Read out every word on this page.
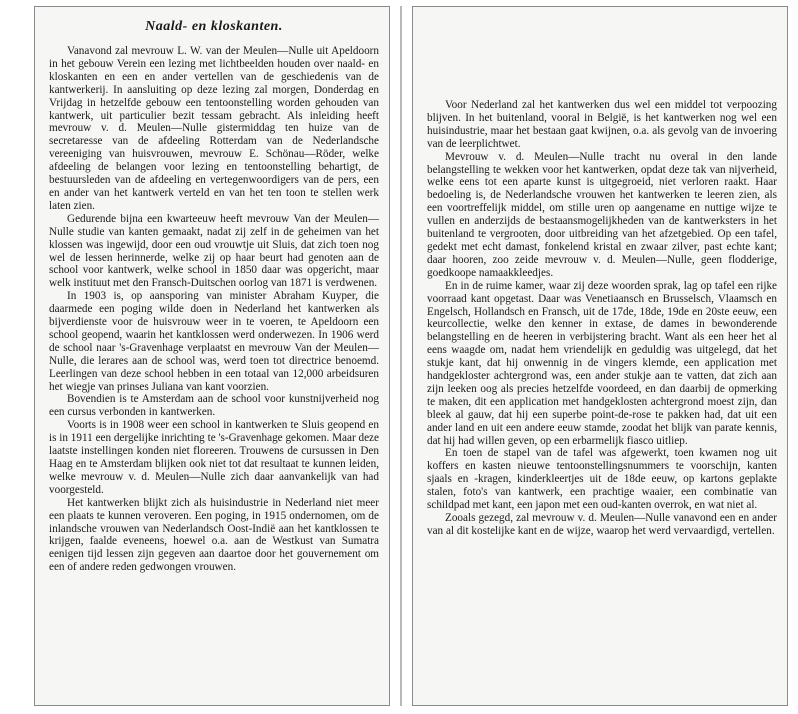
Naald- en kloskanten.

Vanavond zal mevrouw L. W. van der Meulen—Nulle uit Apeldoorn in het gebouw Verein een lezing met lichtbeelden houden over naald- en kloskanten en een en ander vertellen van de geschiedenis van de kantwerkerij. In aansluiting op deze lezing zal morgen, Donderdag en Vrijdag in hetzelfde gebouw een tentoonstelling worden gehouden van kantwerk, uit particulier bezit tessam gebracht. Als inleiding heeft mevrouw v. d. Meulen—Nulle gistermiddag ten huize van de secretaresse van de afdeeling Rotterdam van de Nederlandsche vereeniging van huisvrouwen, mevrouw E. Schönau—Röder, welke afdeeling de belangen voor lezing en tentoonstelling behartigt, de bestuursleden van de afdeeling en vertegenwoordigers van de pers, een en ander van het kantwerk verteld en van het ten toon te stellen werk laten zien.

Gedurende bijna een kwarteeuw heeft mevrouw Van der Meulen—Nulle studie van kanten gemaakt, nadat zij zelf in de geheimen van het klossen was ingewijd, door een oud vrouwtje uit Sluis, dat zich toen nog wel de lessen herinnerde, welke zij op haar beurt had genoten aan de school voor kantwerk, welke school in 1850 daar was opgericht, maar welk instituut met den Fransch-Duitschen oorlog van 1871 is verdwenen.

In 1903 is, op aansporing van minister Abraham Kuyper, die daarmede een poging wilde doen in Nederland het kantwerken als bijverdienste voor de huisvrouw weer in te voeren, te Apeldoorn een school geopend, waarin het kantklossen werd onderwezen. In 1906 werd de school naar 's-Gravenhage verplaatst en mevrouw Van der Meulen—Nulle, die lerares aan de school was, werd toen tot directrice benoemd. Leerlingen van deze school hebben in een totaal van 12,000 arbeidsuren het wiegje van prinses Juliana van kant voorzien.

Bovendien is te Amsterdam aan de school voor kunstnijverheid nog een cursus verbonden in kantwerken.

Voorts is in 1908 weer een school in kantwerken te Sluis geopend en is in 1911 een dergelijke inrichting te 's-Gravenhage gekomen. Maar deze laatste instellingen konden niet floreeren. Trouwens de cursussen in Den Haag en te Amsterdam blijken ook niet tot dat resultaat te kunnen leiden, welke mevrouw v. d. Meulen—Nulle zich daar aanvankelijk van had voorgesteld.

Het kantwerken blijkt zich als huisindustrie in Nederland niet meer een plaats te kunnen veroveren. Een poging, in 1915 ondernomen, om de inlandsche vrouwen van Nederlandsch Oost-Indië aan het kantklossen te krijgen, faalde eveneens, hoewel o.a. aan de Westkust van Sumatra eenigen tijd lessen zijn gegeven aan daartoe door het gouvernement om een of andere reden gedwongen vrouwen.

Voor Nederland zal het kantwerken dus wel een middel tot verpoozing blijven. In het buitenland, vooral in België, is het kantwerken nog wel een huisindustrie, maar het bestaan gaat kwijnen, o.a. als gevolg van de invoering van de leerplichtwet.

Mevrouw v. d. Meulen—Nulle tracht nu overal in den lande belangstelling te wekken voor het kantwerken, opdat deze tak van nijverheid, welke eens tot een aparte kunst is uitgegroeid, niet verloren raakt. Haar bedoeling is, de Nederlandsche vrouwen het kantwerken te leeren zien, als een voortreffelijk middel, om stille uren op aangename en nuttige wijze te vullen en anderzijds de bestaansmogelijkheden van de kantwerksters in het buitenland te vergrooten, door uitbreiding van het afzetgebied. Op een tafel, gedekt met echt damast, fonkelend kristal en zwaar zilver, past echte kant; daar hooren, zoo zeide mevrouw v. d. Meulen—Nulle, geen flodderige, goedkoope namaakkleedjes.

En in de ruime kamer, waar zij deze woorden sprak, lag op tafel een rijke voorraad kant opgetast. Daar was Venetiaansch en Brusselsch, Vlaamsch en Engelsch, Hollandsch en Fransch, uit de 17de, 18de, 19de en 20ste eeuw, een keurcollectie, welke den kenner in extase, de dames in bewonderende belangstelling en de heeren in verbijstering bracht. Want als een heer het al eens waagde om, nadat hem vriendelijk en geduldig was uitgelegd, dat het stukje kant, dat hij onwennig in de vingers klemde, een application met handgekloster achtergrond was, een ander stukje aan te vatten, dat zich aan zijn leeken oog als precies hetzelfde voordeed, en dan daarbij de opmerking te maken, dit een application met handgeklosten achtergrond moest zijn, dan bleek al gauw, dat hij een superbe point-de-rose te pakken had, dat uit een ander land en uit een andere eeuw stamde, zoodat het blijk van parate kennis, dat hij had willen geven, op een erbarmelijk fiasco uitliep.

En toen de stapel van de tafel was afgewerkt, toen kwamen nog uit koffers en kasten nieuwe tentoonstellingsnummers te voorschijn, kanten sjaals en -kragen, kinderkleertjes uit de 18de eeuw, op kartons geplakte stalen, foto's van kantwerk, een prachtige waaier, een combinatie van schildpad met kant, een japon met een oud-kanten overrok, en wat niet al.

Zooals gezegd, zal mevrouw v. d. Meulen—Nulle vanavond een en ander van al dit kostelijke kant en de wijze, waarop het werd vervaardigd, vertellen.
